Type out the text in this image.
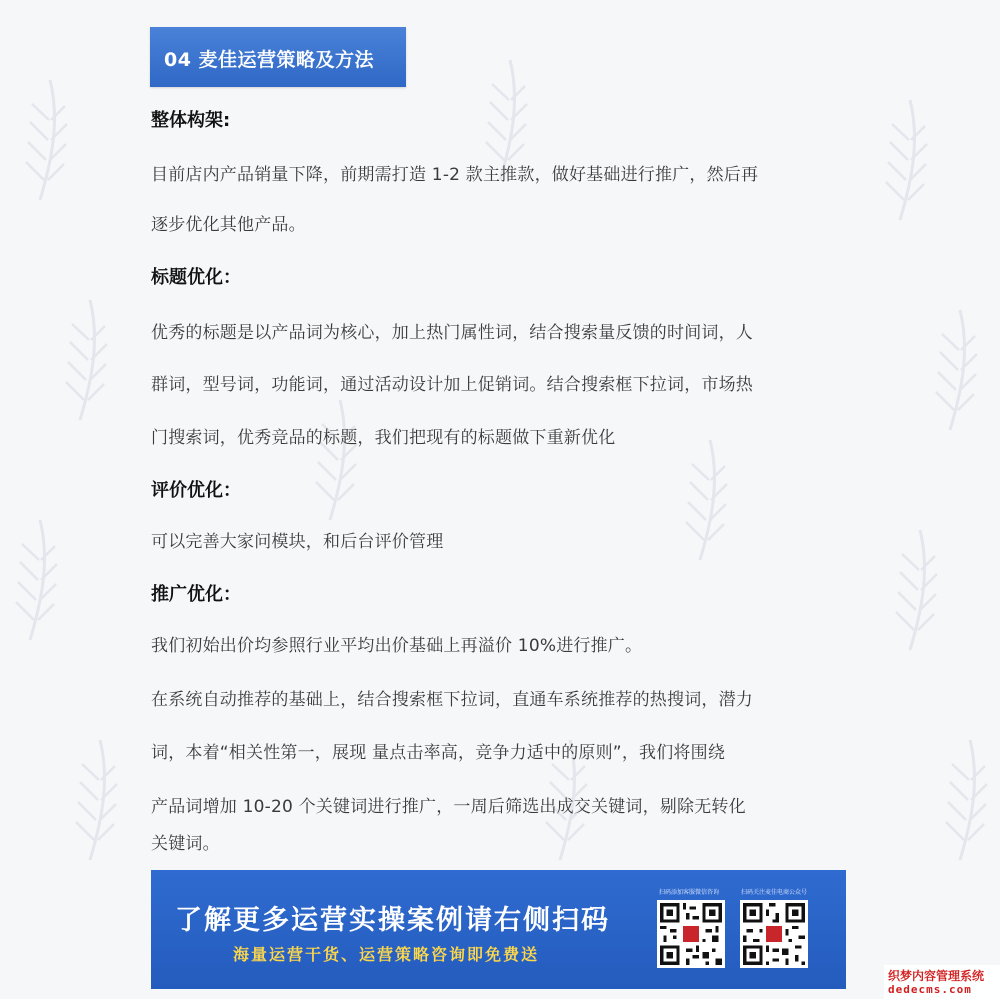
04 麦佳运营策略及方法
整体构架:
目前店内产品销量下降，前期需打造 1-2 款主推款，做好基础进行推广，然后再
逐步优化其他产品。
标题优化：
优秀的标题是以产品词为核心，加上热门属性词，结合搜索量反馈的时间词，人
群词，型号词，功能词，通过活动设计加上促销词。结合搜索框下拉词，市场热
门搜索词，优秀竞品的标题，我们把现有的标题做下重新优化
评价优化：
可以完善大家问模块，和后台评价管理
推广优化：
我们初始出价均参照行业平均出价基础上再溢价 10%进行推广。
在系统自动推荐的基础上，结合搜索框下拉词，直通车系统推荐的热搜词，潜力
词，本着“相关性第一，展现 量点击率高，竞争力适中的原则”，我们将围绕
产品词增加 10-20 个关键词进行推广，一周后筛选出成交关键词，剔除无转化
关键词。
了解更多运营实操案例请右侧扫码
海量运营干货、运营策略咨询即免费送
扫码添加客服微信咨询	扫码关注麦佳电商公众号
织梦内容管理系统
dedecms.com
